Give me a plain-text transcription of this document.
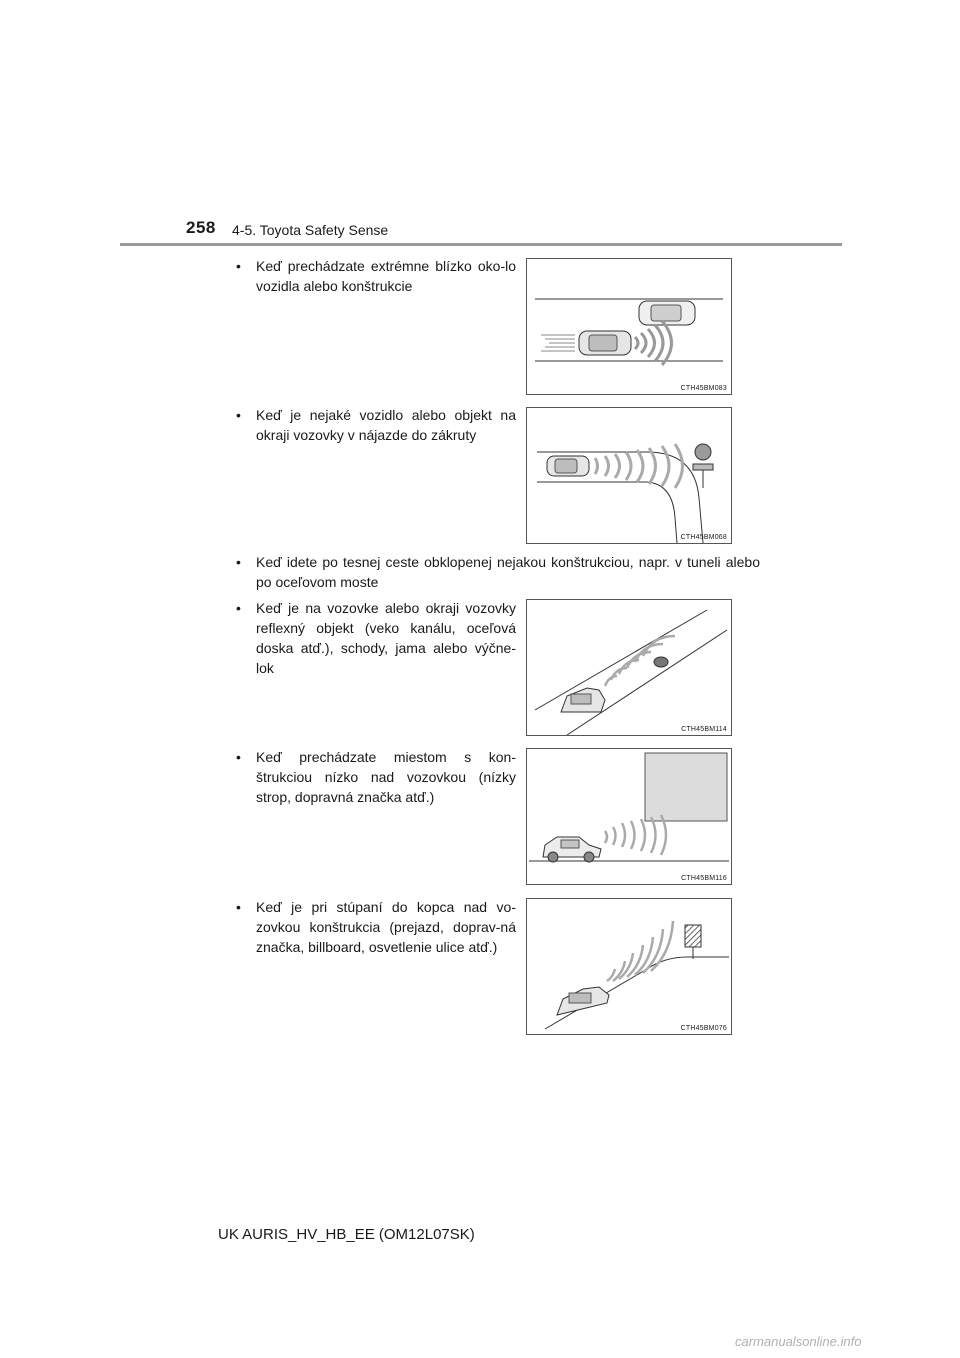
258 4-5. Toyota Safety Sense
• Keď prechádzate extrémne blízko oko-lo vozidla alebo konštrukcie
• Keď je nejaké vozidlo alebo objekt na okraji vozovky v nájazde do zákruty
• Keď idete po tesnej ceste obklopenej nejakou konštrukciou, napr. v tuneli alebo po oceľovom moste
• Keď je na vozovke alebo okraji vozovky reflexný objekt (veko kanálu, oceľová doska atď.), schody, jama alebo výčne-lok
• Keď prechádzate miestom s kon-štrukciou nízko nad vozovkou (nízky strop, dopravná značka atď.)
• Keď je pri stúpaní do kopca nad vo-zovkou konštrukcia (prejazd, doprav-ná značka, billboard, osvetlenie ulice atď.)
CTH45BM083
CTH45BM068
CTH45BM114
CTH45BM116
CTH45BM076
UK AURIS_HV_HB_EE (OM12L07SK)
carmanualsonline.info
